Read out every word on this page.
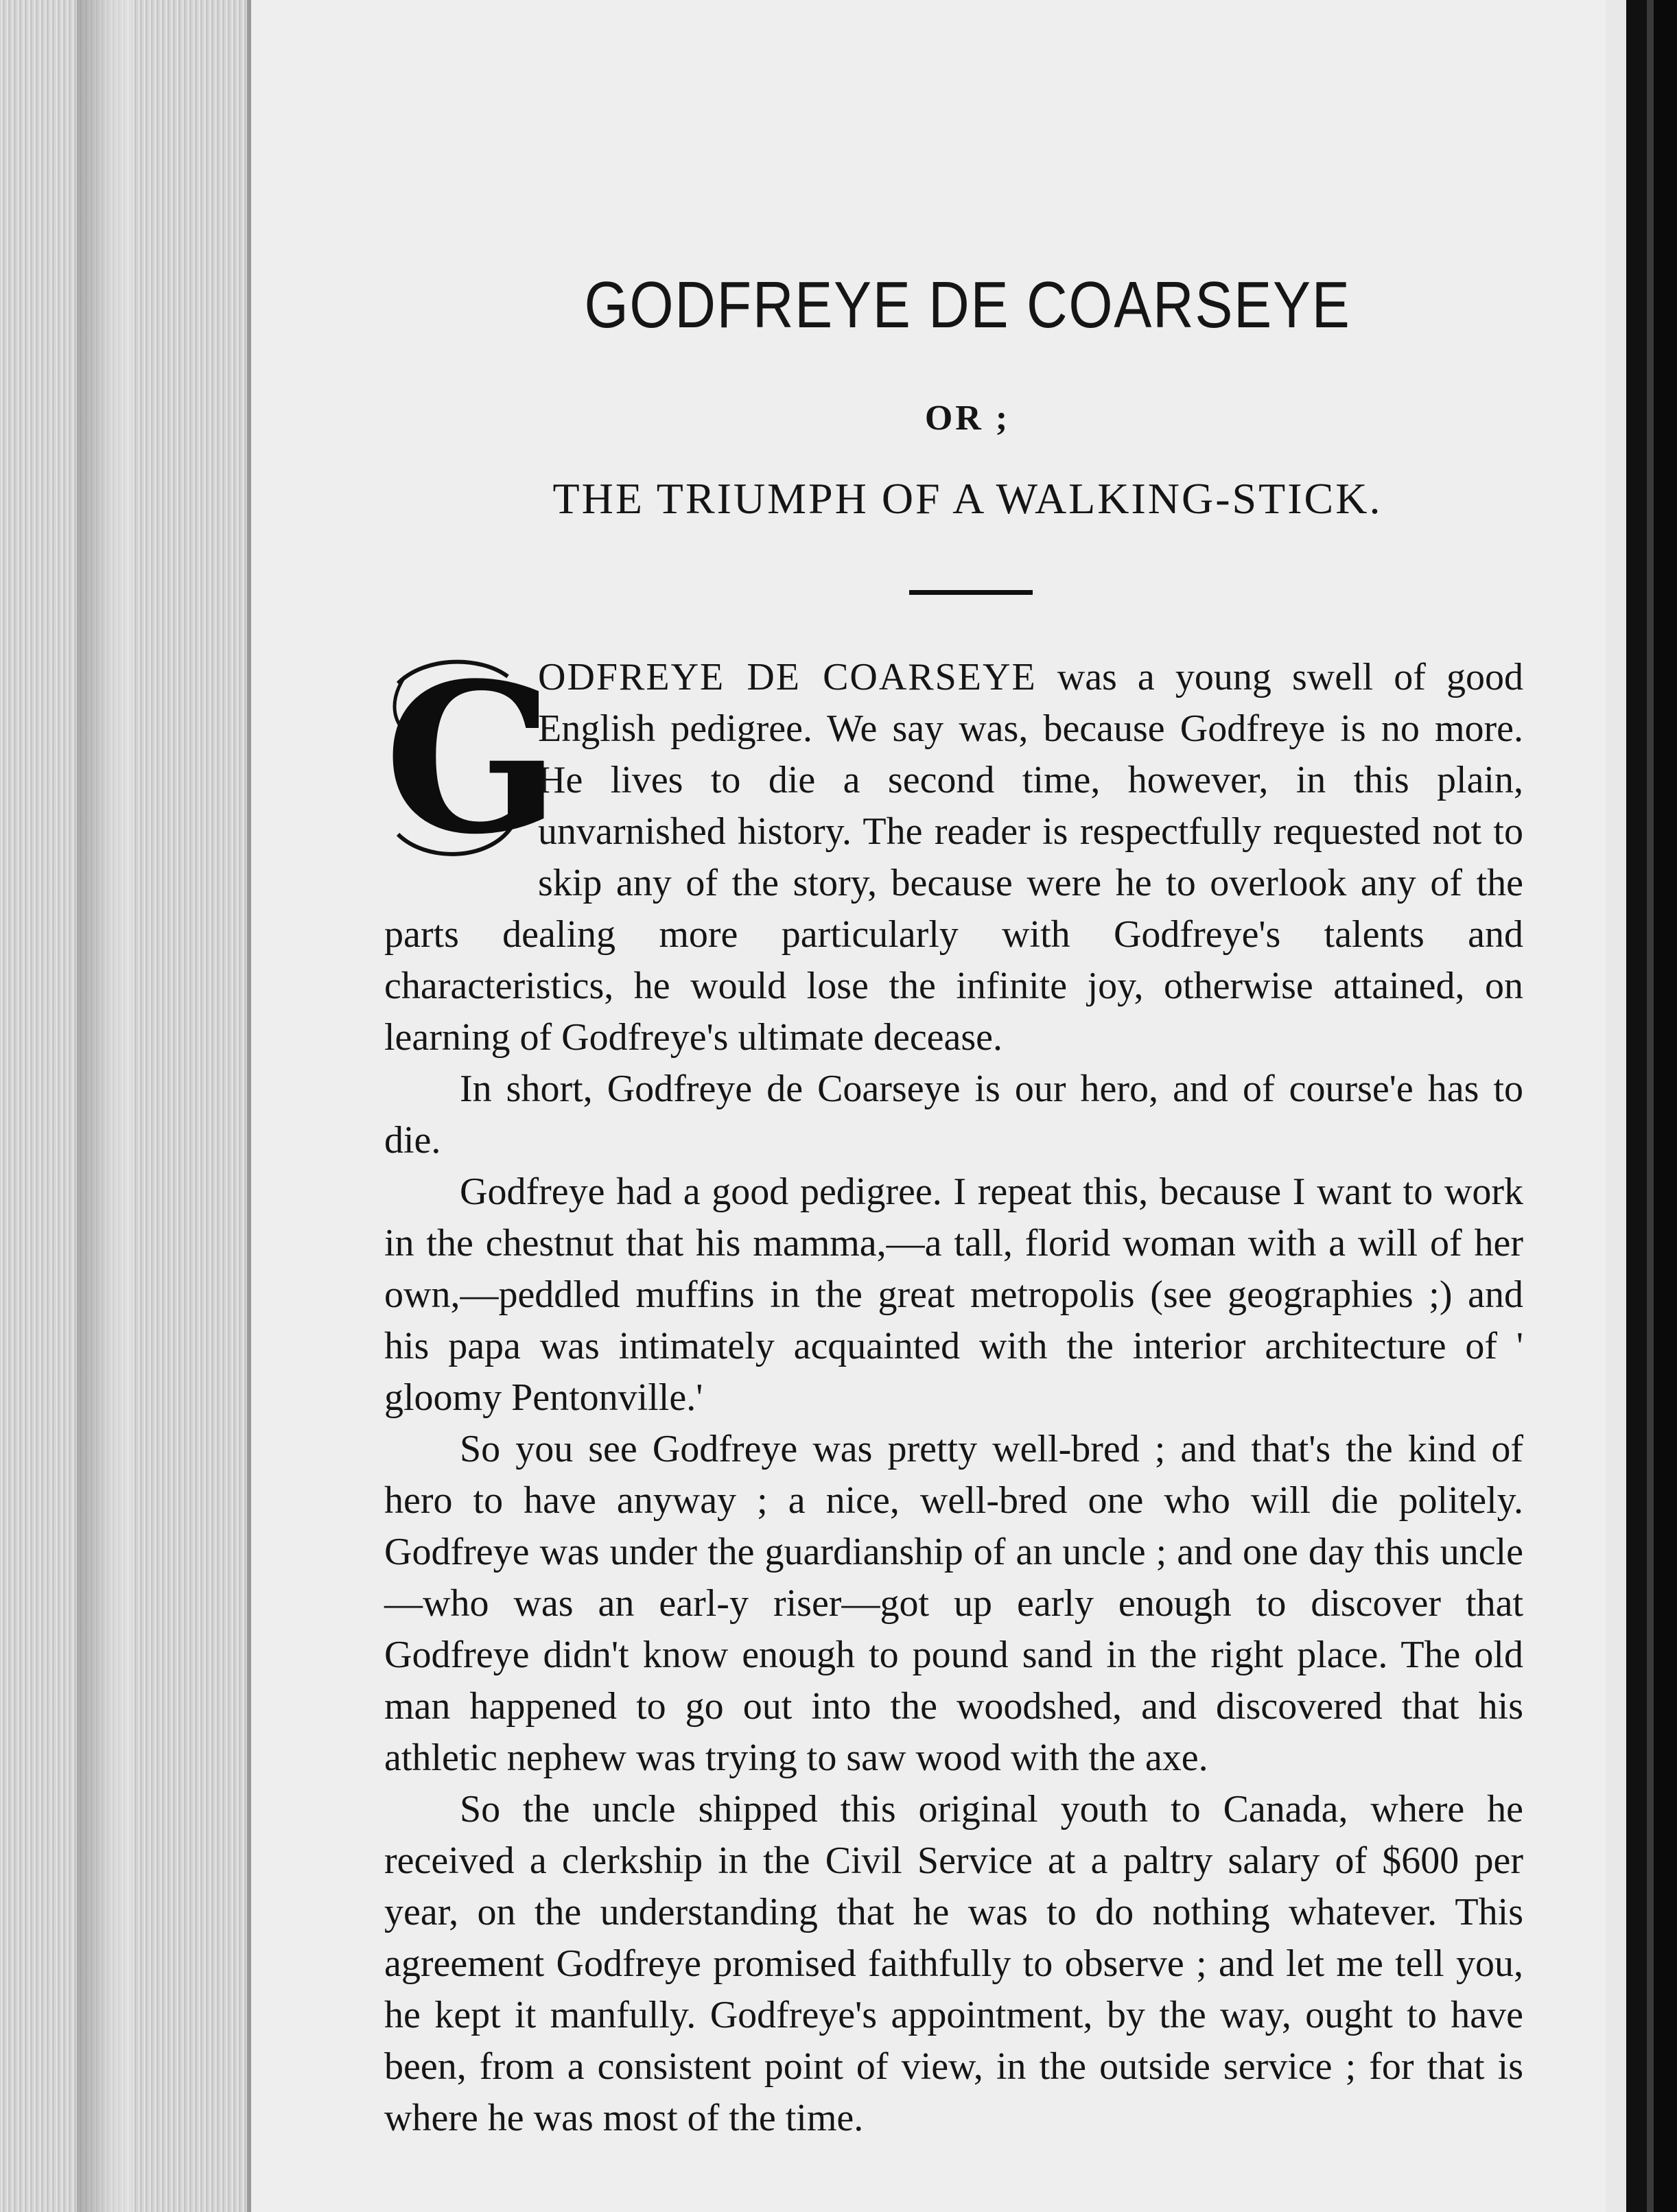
GODFREYE DE COARSEYE
OR ;
THE TRIUMPH OF A WALKING-STICK.

G
ODFREYE DE COARSEYE was a young swell of good English pedigree. We say was, because Godfreye is no more. He lives to die a second time, however, in this plain, unvarnished history. The reader is respectfully requested not to skip any of the story, because were he to overlook any of the parts dealing more particularly with Godfreye's talents and characteristics, he would lose the infinite joy, otherwise attained, on learning of Godfreye's ultimate decease.

In short, Godfreye de Coarseye is our hero, and of course'e has to die.

Godfreye had a good pedigree. I repeat this, because I want to work in the chestnut that his mamma,—a tall, florid woman with a will of her own,—peddled muffins in the great metropolis (see geographies ;) and his papa was intimately acquainted with the interior architecture of ' gloomy Pentonville.'

So you see Godfreye was pretty well-bred ; and that's the kind of hero to have anyway ; a nice, well-bred one who will die politely. Godfreye was under the guardianship of an uncle ; and one day this uncle—who was an earl-y riser—got up early enough to discover that Godfreye didn't know enough to pound sand in the right place. The old man happened to go out into the woodshed, and discovered that his athletic nephew was trying to saw wood with the axe.

So the uncle shipped this original youth to Canada, where he received a clerkship in the Civil Service at a paltry salary of $600 per year, on the understanding that he was to do nothing whatever. This agreement Godfreye promised faithfully to observe ; and let me tell you, he kept it manfully. Godfreye's appointment, by the way, ought to have been, from a consistent point of view, in the outside service ; for that is where he was most of the time.
